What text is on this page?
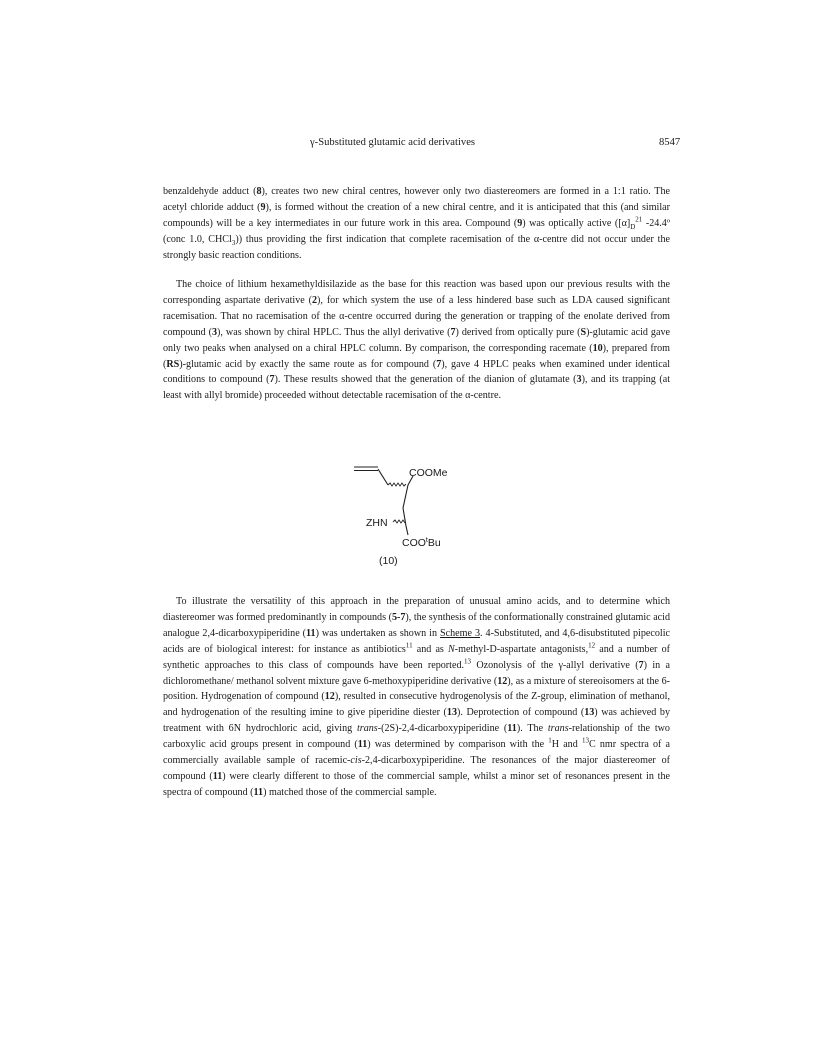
γ-Substituted glutamic acid derivatives	8547

benzaldehyde adduct (8), creates two new chiral centres, however only two diastereomers are formed in a 1:1 ratio. The acetyl chloride adduct (9), is formed without the creation of a new chiral centre, and it is anticipated that this (and similar compounds) will be a key intermediates in our future work in this area. Compound (9) was optically active ($[\alpha]_D^{21}$ -24.4º (conc 1.0, CHCl$_3$)) thus providing the first indication that complete racemisation of the α-centre did not occur under the strongly basic reaction conditions.

The choice of lithium hexamethyldisilazide as the base for this reaction was based upon our previous results with the corresponding aspartate derivative (2), for which system the use of a less hindered base such as LDA caused significant racemisation. That no racemisation of the α-centre occurred during the generation or trapping of the enolate derived from compound (3), was shown by chiral HPLC. Thus the allyl derivative (7) derived from optically pure (S)-glutamic acid gave only two peaks when analysed on a chiral HPLC column. By comparison, the corresponding racemate (10), prepared from (RS)-glutamic acid by exactly the same route as for compound (7), gave 4 HPLC peaks when examined under identical conditions to compound (7). These results showed that the generation of the dianion of glutamate (3), and its trapping (at least with allyl bromide) proceeded without detectable racemisation of the α-centre.

COOMe
ZHN
COO$^t$Bu
(10)

To illustrate the versatility of this approach in the preparation of unusual amino acids, and to determine which diastereomer was formed predominantly in compounds (5-7), the synthesis of the conformationally constrained glutamic acid analogue 2,4-dicarboxypiperidine (11) was undertaken as shown in Scheme 3. 4-Substituted, and 4,6-disubstituted pipecolic acids are of biological interest: for instance as antibiotics$^{11}$ and as N-methyl-D-aspartate antagonists,$^{12}$ and a number of synthetic approaches to this class of compounds have been reported.$^{13}$ Ozonolysis of the γ-allyl derivative (7) in a dichloromethane/ methanol solvent mixture gave 6-methoxypiperidine derivative (12), as a mixture of stereoisomers at the 6-position. Hydrogenation of compound (12), resulted in consecutive hydrogenolysis of the Z-group, elimination of methanol, and hydrogenation of the resulting imine to give piperidine diester (13). Deprotection of compound (13) was achieved by treatment with 6N hydrochloric acid, giving trans-(2S)-2,4-dicarboxypiperidine (11). The trans-relationship of the two carboxylic acid groups present in compound (11) was determined by comparison with the $^1$H and $^{13}$C nmr spectra of a commercially available sample of racemic-cis-2,4-dicarboxypiperidine. The resonances of the major diastereomer of compound (11) were clearly different to those of the commercial sample, whilst a minor set of resonances present in the spectra of compound (11) matched those of the commercial sample.
